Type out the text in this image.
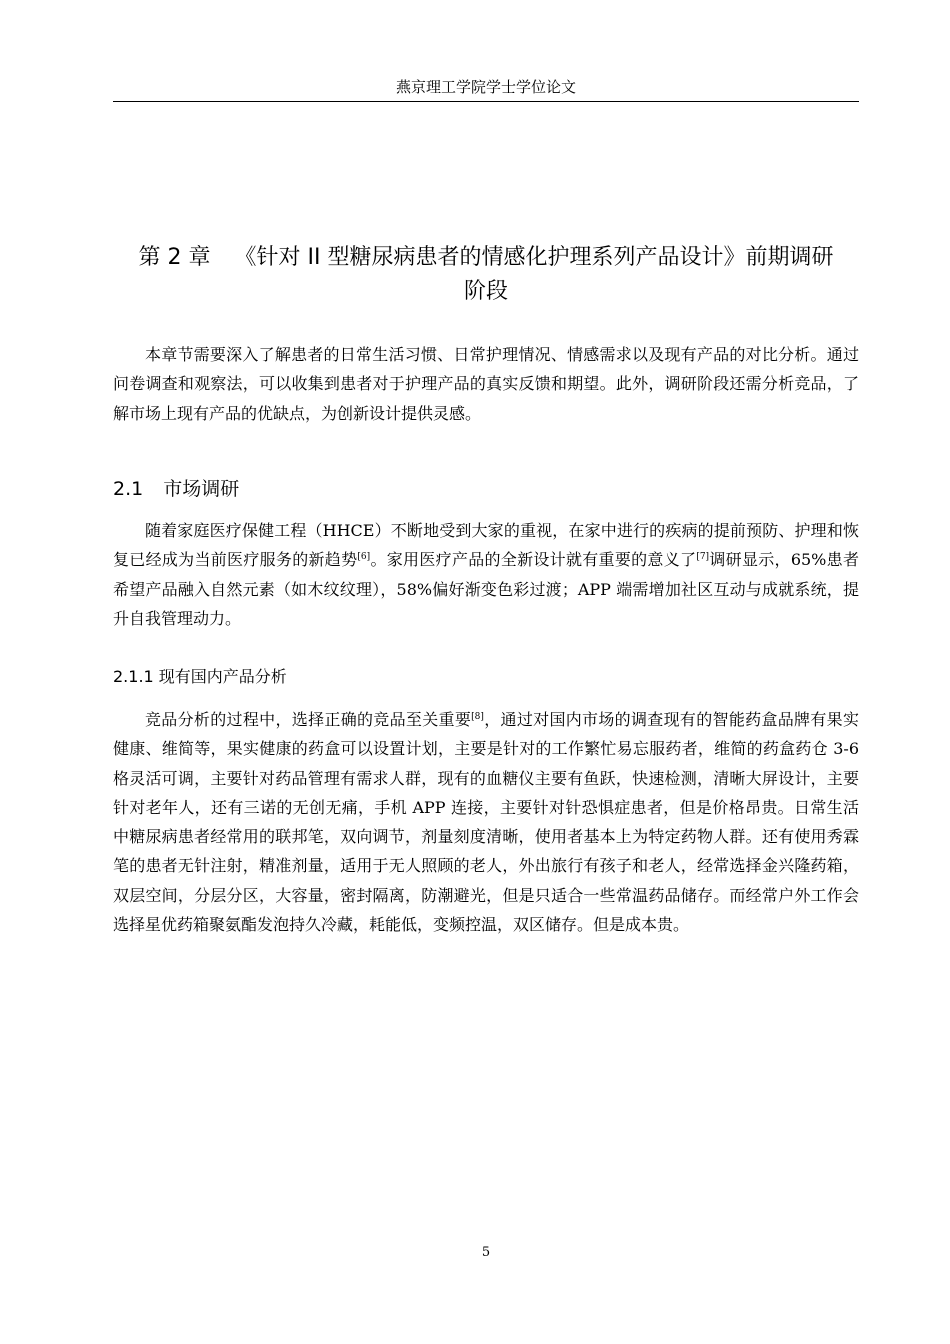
燕京理工学院学士学位论文
第 2 章 《针对 II 型糖尿病患者的情感化护理系列产品设计》前期调研
阶段

本章节需要深入了解患者的日常生活习惯、日常护理情况、情感需求以及现有产品的对比分析。通过问卷调查和观察法，可以收集到患者对于护理产品的真实反馈和期望。此外，调研阶段还需分析竞品，了解市场上现有产品的优缺点，为创新设计提供灵感。

2.1 市场调研

随着家庭医疗保健工程（HHCE）不断地受到大家的重视，在家中进行的疾病的提前预防、护理和恢复已经成为当前医疗服务的新趋势[6]。家用医疗产品的全新设计就有重要的意义了[7]调研显示，65%患者希望产品融入自然元素（如木纹纹理），58%偏好渐变色彩过渡；APP 端需增加社区互动与成就系统，提升自我管理动力。

2.1.1 现有国内产品分析

竞品分析的过程中，选择正确的竞品至关重要[8]，通过对国内市场的调查现有的智能药盒品牌有果实健康、维简等，果实健康的药盒可以设置计划，主要是针对的工作繁忙易忘服药者，维简的药盒药仓 3-6 格灵活可调，主要针对药品管理有需求人群，现有的血糖仪主要有鱼跃，快速检测，清晰大屏设计，主要针对老年人，还有三诺的无创无痛，手机 APP 连接，主要针对针恐惧症患者，但是价格昂贵。日常生活中糖尿病患者经常用的联邦笔，双向调节，剂量刻度清晰，使用者基本上为特定药物人群。还有使用秀霖笔的患者无针注射，精准剂量，适用于无人照顾的老人，外出旅行有孩子和老人，经常选择金兴隆药箱，双层空间，分层分区，大容量，密封隔离，防潮避光，但是只适合一些常温药品储存。而经常户外工作会选择星优药箱聚氨酯发泡持久冷藏，耗能低，变频控温，双区储存。但是成本贵。

5
